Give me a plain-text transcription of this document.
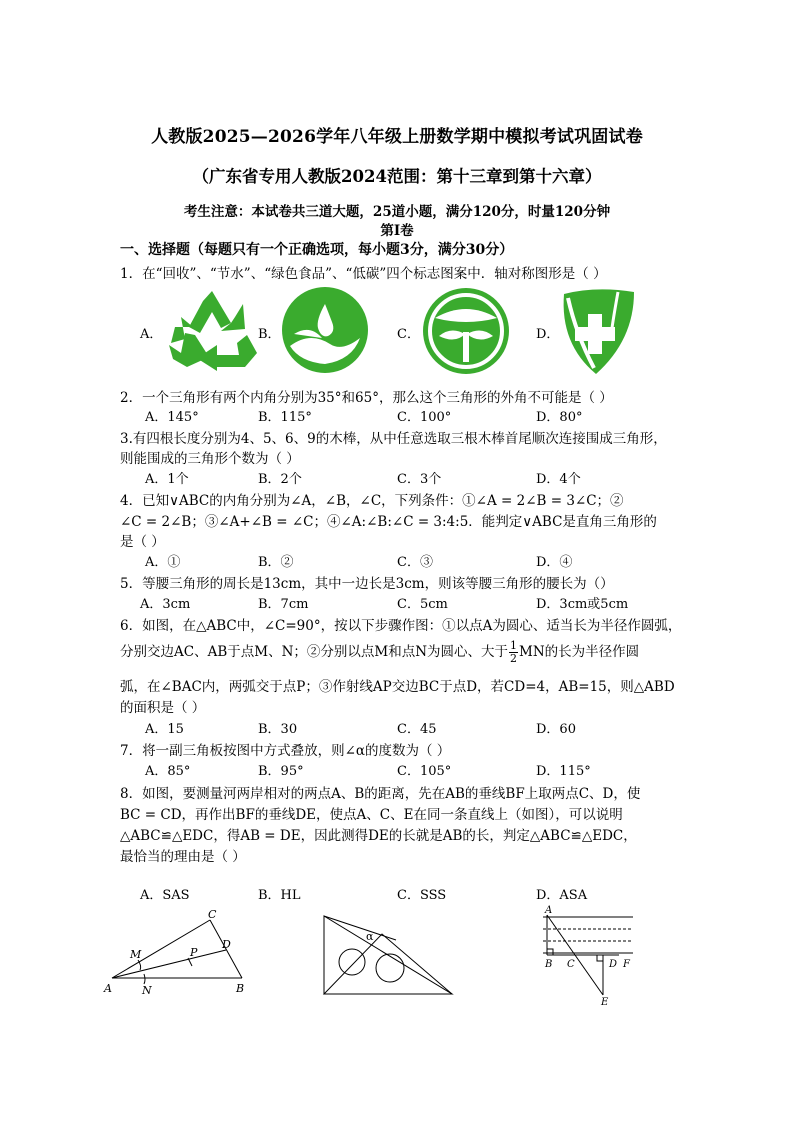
人教版2025—2026学年八年级上册数学期中模拟考试巩固试卷
（广东省专用人教版2024范围：第十三章到第十六章）
考生注意：本试卷共三道大题，25道小题，满分120分，时量120分钟
第Ⅰ卷
一、选择题（每题只有一个正确选项，每小题3分，满分30分）
1．在“回收”、“节水”、“绿色食品”、“低碳”四个标志图案中．轴对称图形是（ ）
A．	B．	C．	D．
2．一个三角形有两个内角分别为35°和65°，那么这个三角形的外角不可能是（ ）
A．145°	B．115°	C．100°	D．80°
3.有四根长度分别为4、5、6、9的木棒，从中任意选取三根木棒首尾顺次连接围成三角形，
则能围成的三角形个数为（ ）
A．1个	B．2个	C．3个	D．4个
4．已知∨ABC的内角分别为∠A，∠B，∠C，下列条件：①∠A = 2∠B = 3∠C；②
∠C = 2∠B；③∠A+∠B = ∠C；④∠A:∠B:∠C = 3:4:5．能判定∨ABC是直角三角形的
是（ ）
A．①	B．②	C．③	D．④
5．等腰三角形的周长是13cm，其中一边长是3cm，则该等腰三角形的腰长为（）
A．3cm	B．7cm	C．5cm	D．3cm或5cm
6．如图，在△ABC中，∠C=90°，按以下步骤作图：①以点A为圆心、适当长为半径作圆弧，
分别交边AC、AB于点M、N；②分别以点M和点N为圆心、大于 $\frac{1}{2}$ MN的长为半径作圆
弧，在∠BAC内，两弧交于点P；③作射线AP交边BC于点D，若CD=4，AB=15，则△ABD
的面积是（ ）
A．15	B．30	C．45	D．60
7．将一副三角板按图中方式叠放，则∠α的度数为（ ）
A．85°	B．95°	C．105°	D．115°
8．如图，要测量河两岸相对的两点A、B的距离，先在AB的垂线BF上取两点C、D，使
BC = CD，再作出BF的垂线DE，使点A、C、E在同一条直线上（如图），可以说明
△ABC≌△EDC，得AB = DE，因此测得DE的长就是AB的长，判定△ABC≌△EDC，
最恰当的理由是（ ）
A．SAS	B．HL	C．SSS	D．ASA
C
D
M	P
A	N	B
α
A
B C	D F
E
